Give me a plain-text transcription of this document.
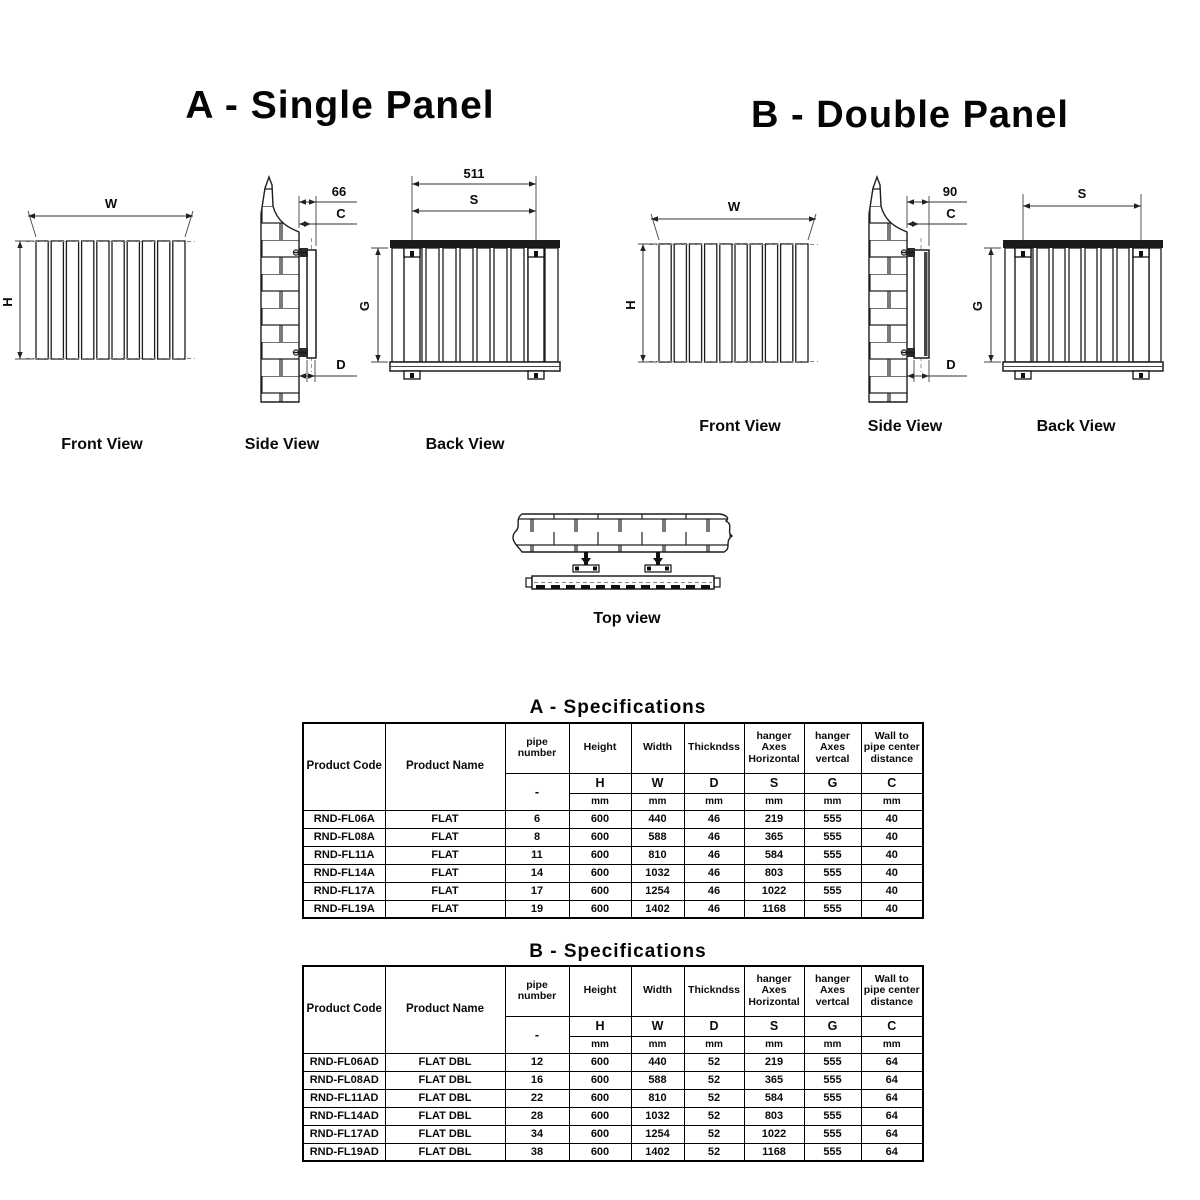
A - Single Panel	B - Double Panel
W
H
66
C
D
511
S
G
Front View	Side View	Back View
W
H
90
C
D
S
G
Front View	Side View	Back View
Top view
A - Specifications
Product Code	Product Name	pipe number	Height	Width	Thickndss	hanger Axes Horizontal	hanger Axes vertcal	Wall to pipe center distance
		-	H	W	D	S	G	C
			mm	mm	mm	mm	mm	mm
RND-FL06A	FLAT	6	600	440	46	219	555	40
RND-FL08A	FLAT	8	600	588	46	365	555	40
RND-FL11A	FLAT	11	600	810	46	584	555	40
RND-FL14A	FLAT	14	600	1032	46	803	555	40
RND-FL17A	FLAT	17	600	1254	46	1022	555	40
RND-FL19A	FLAT	19	600	1402	46	1168	555	40
B - Specifications
Product Code	Product Name	pipe number	Height	Width	Thickndss	hanger Axes Horizontal	hanger Axes vertcal	Wall to pipe center distance
		-	H	W	D	S	G	C
			mm	mm	mm	mm	mm	mm
RND-FL06AD	FLAT DBL	12	600	440	52	219	555	64
RND-FL08AD	FLAT DBL	16	600	588	52	365	555	64
RND-FL11AD	FLAT DBL	22	600	810	52	584	555	64
RND-FL14AD	FLAT DBL	28	600	1032	52	803	555	64
RND-FL17AD	FLAT DBL	34	600	1254	52	1022	555	64
RND-FL19AD	FLAT DBL	38	600	1402	52	1168	555	64
